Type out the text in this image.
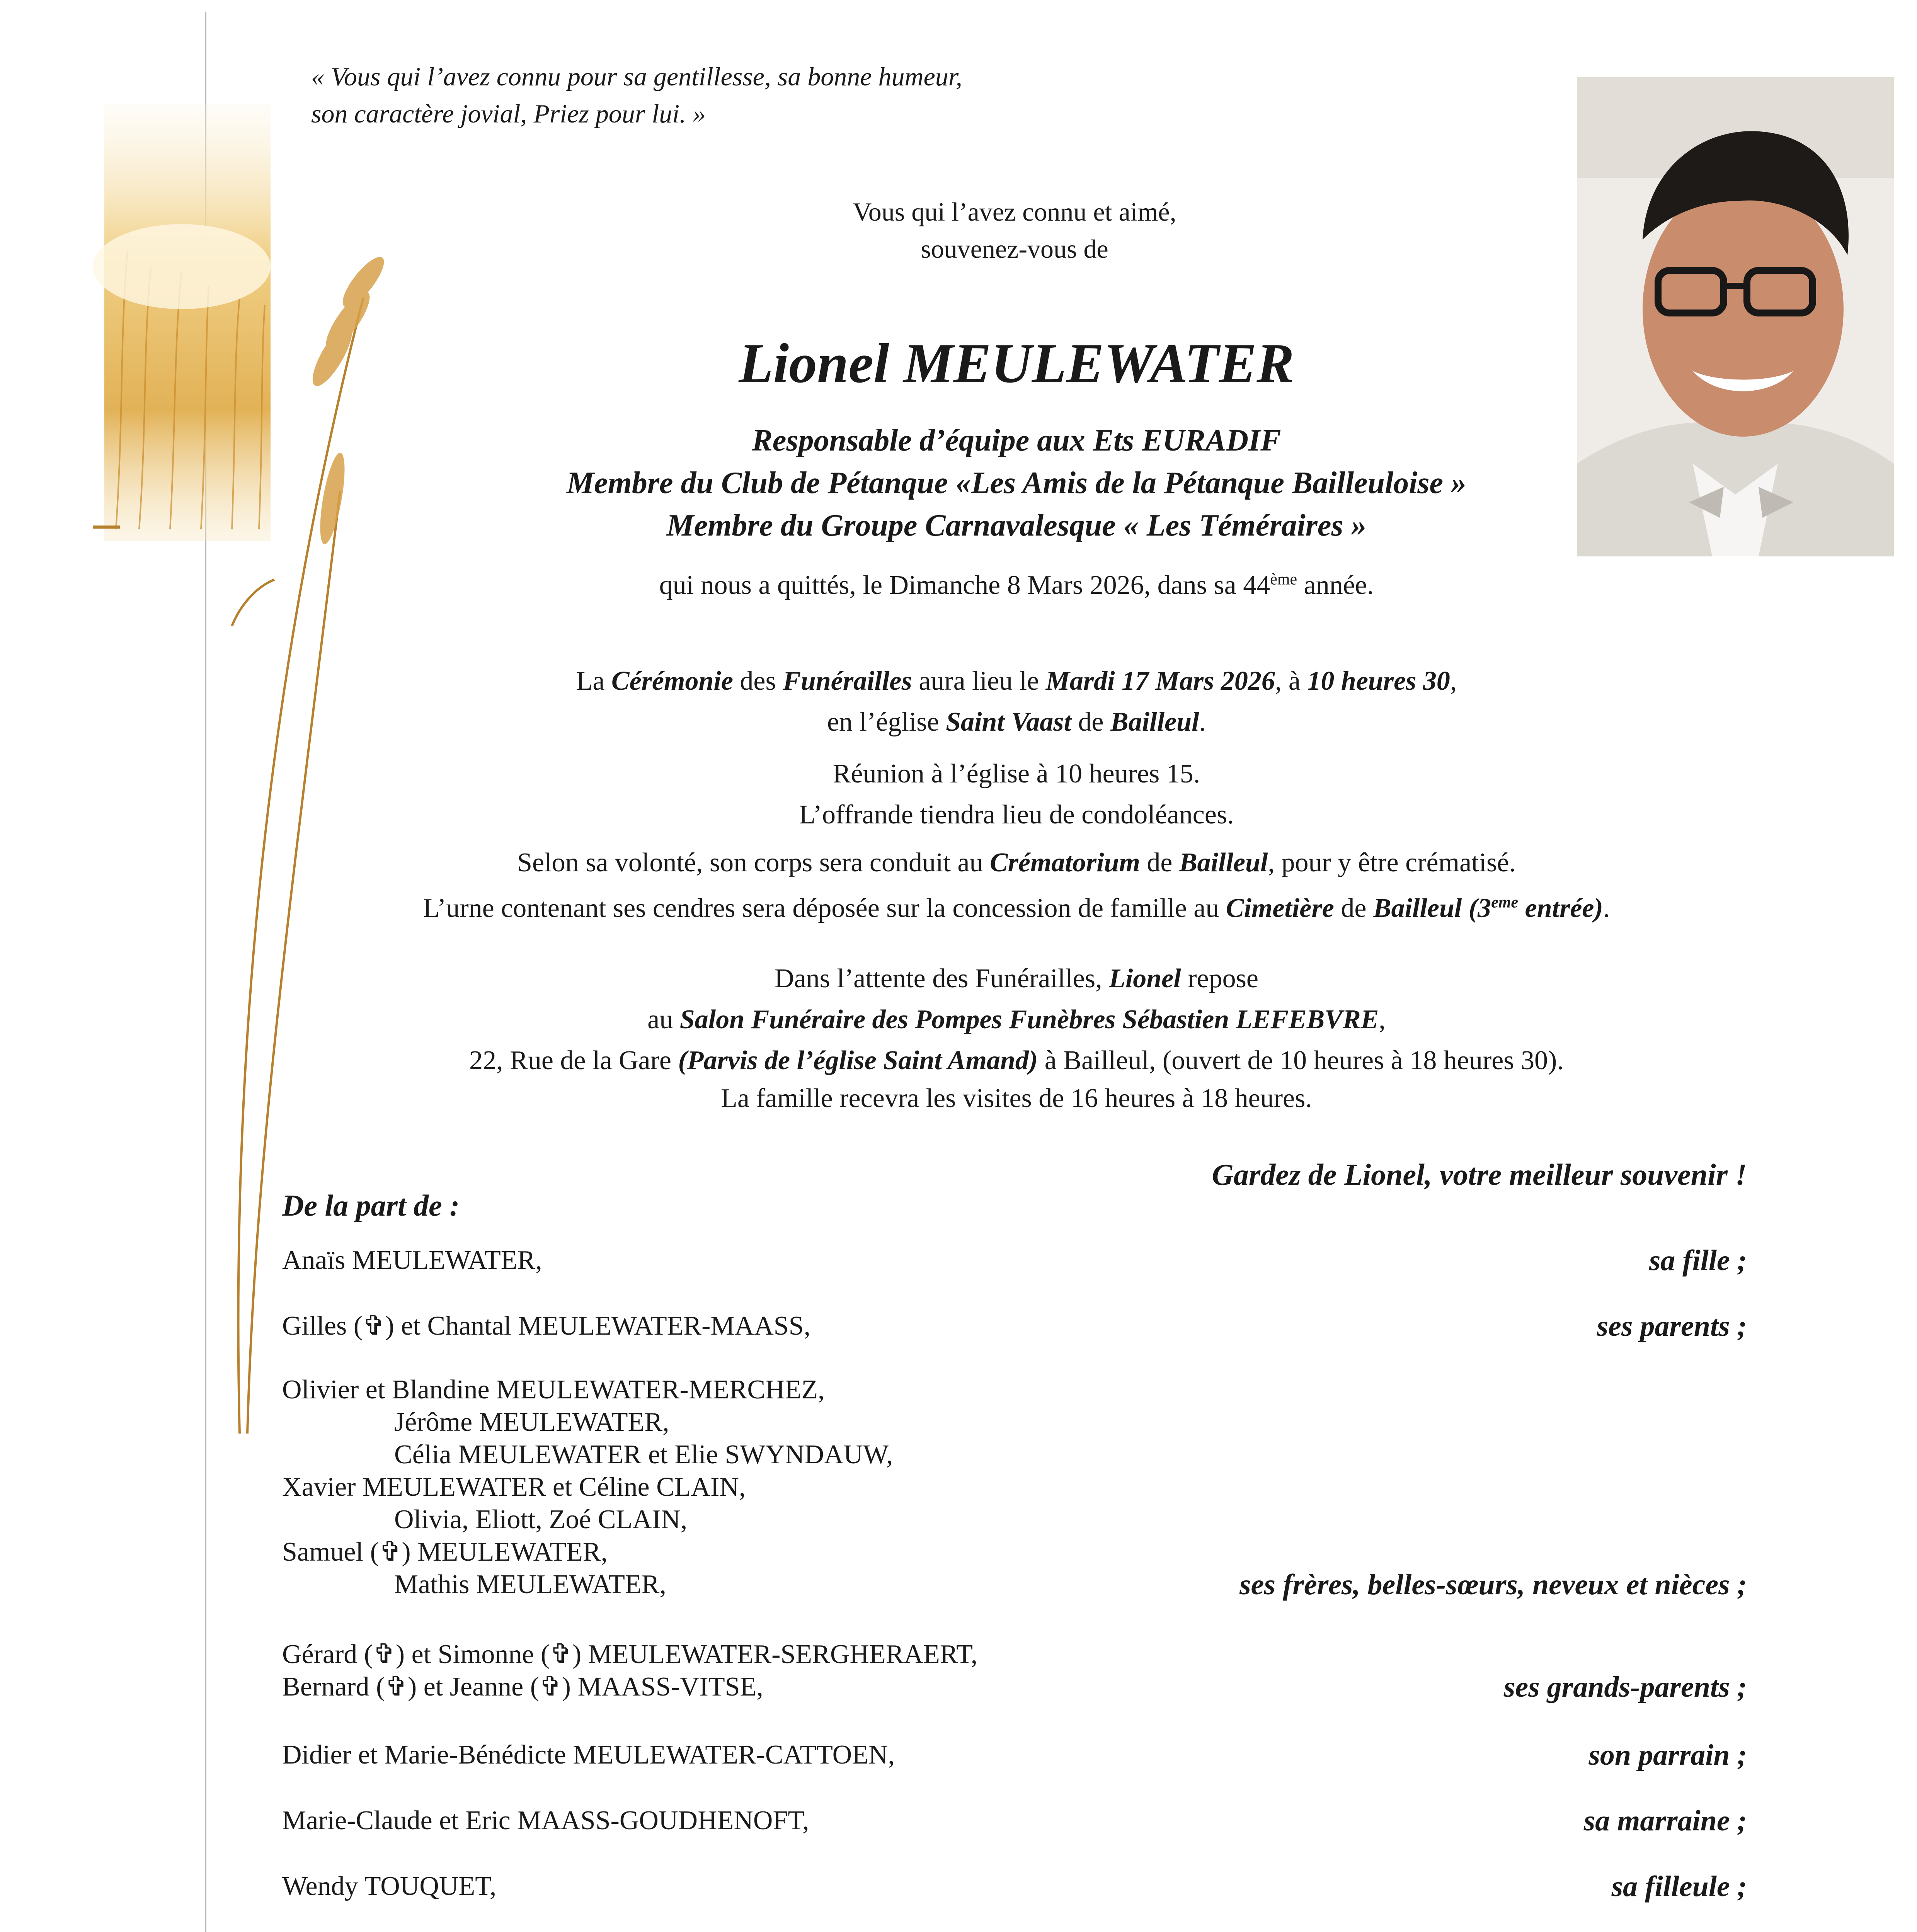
« Vous qui l’avez connu pour sa gentillesse, sa bonne humeur,
son caractère jovial, Priez pour lui. »
Vous qui l’avez connu et aimé,
souvenez-vous de
Lionel MEULEWATER
Responsable d’équipe aux Ets EURADIF
Membre du Club de Pétanque «Les Amis de la Pétanque Bailleuloise »
Membre du Groupe Carnavalesque « Les Téméraires »
qui nous a quittés, le Dimanche 8 Mars 2026, dans sa 44ème année.
La Cérémonie des Funérailles aura lieu le Mardi 17 Mars 2026, à 10 heures 30,
en l’église Saint Vaast de Bailleul.
Réunion à l’église à 10 heures 15.
L’offrande tiendra lieu de condoléances.
Selon sa volonté, son corps sera conduit au Crématorium de Bailleul, pour y être crématisé.
L’urne contenant ses cendres sera déposée sur la concession de famille au Cimetière de Bailleul (3eme entrée).
Dans l’attente des Funérailles, Lionel repose
au Salon Funéraire des Pompes Funèbres Sébastien LEFEBVRE,
22, Rue de la Gare (Parvis de l’église Saint Amand) à Bailleul, (ouvert de 10 heures à 18 heures 30).
La famille recevra les visites de 16 heures à 18 heures.
Gardez de Lionel, votre meilleur souvenir !
De la part de :
Anaïs MEULEWATER,	sa fille ;
Gilles (✞) et Chantal MEULEWATER-MAASS,	ses parents ;
Olivier et Blandine MEULEWATER-MERCHEZ,
Jérôme MEULEWATER,
Célia MEULEWATER et Elie SWYNDAUW,
Xavier MEULEWATER et Céline CLAIN,
Olivia, Eliott, Zoé CLAIN,
Samuel (✞) MEULEWATER,
Mathis MEULEWATER,	ses frères, belles-sœurs, neveux et nièces ;
Gérard (✞) et Simonne (✞) MEULEWATER-SERGHERAERT,
Bernard (✞) et Jeanne (✞) MAASS-VITSE,	ses grands-parents ;
Didier et Marie-Bénédicte MEULEWATER-CATTOEN,	son parrain ;
Marie-Claude et Eric MAASS-GOUDHENOFT,	sa marraine ;
Wendy TOUQUET,	sa filleule ;
